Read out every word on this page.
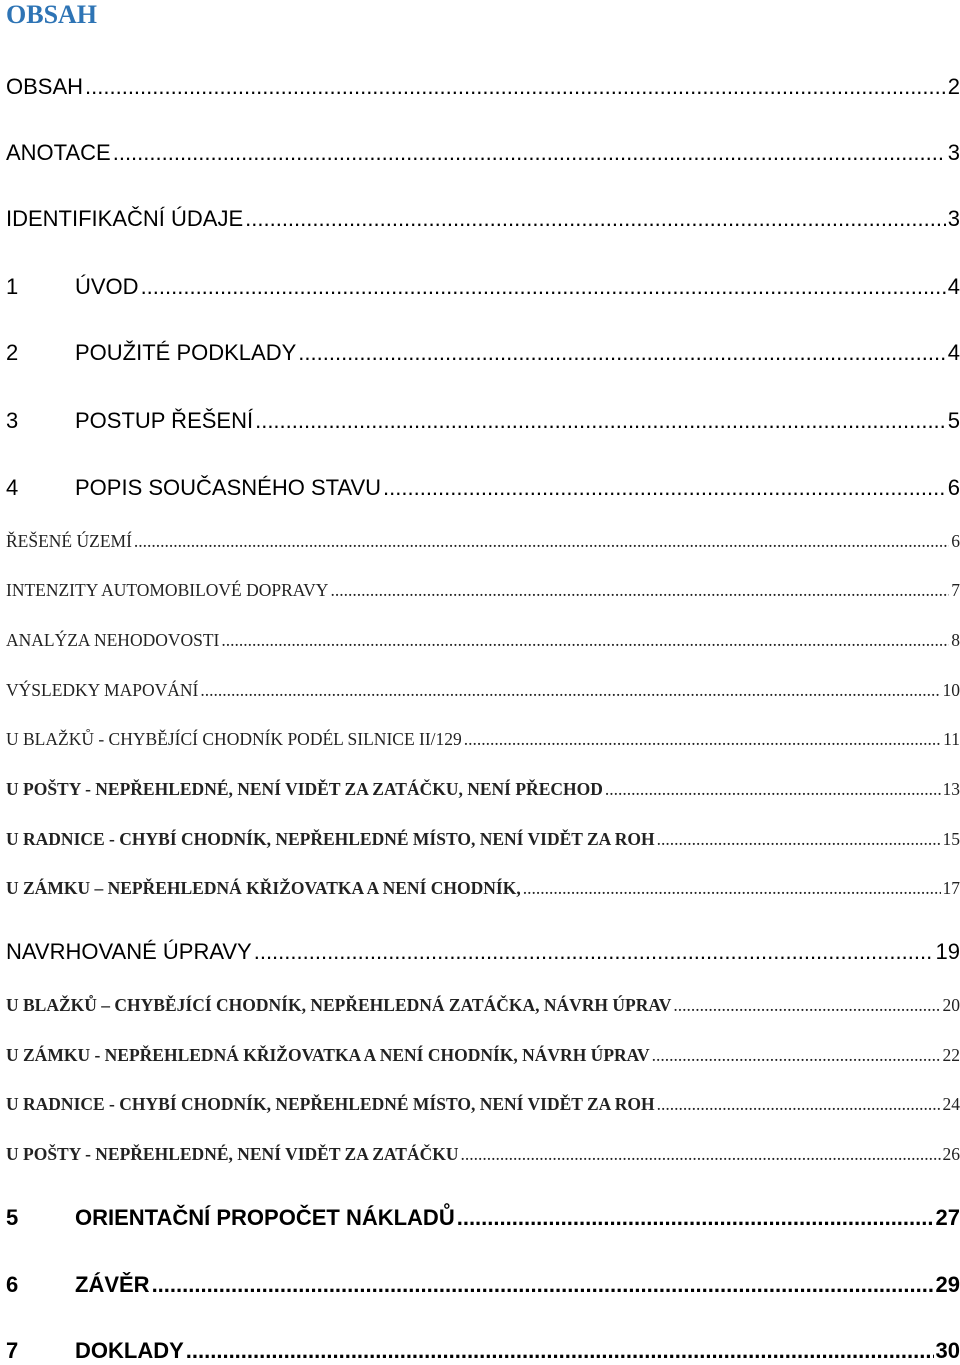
OBSAH
OBSAH .....	2
ANOTACE .....	3
IDENTIFIKAČNÍ ÚDAJE .....	3
1	ÚVOD .....	4
2	POUŽITÉ PODKLADY .....	4
3	POSTUP ŘEŠENÍ .....	5
4	POPIS SOUČASNÉHO STAVU .....	6
ŘEŠENÉ ÚZEMÍ .....	6
INTENZITY AUTOMOBILOVÉ DOPRAVY .....	7
ANALÝZA NEHODOVOSTI .....	8
VÝSLEDKY MAPOVÁNÍ .....	10
U BLAŽKŮ - CHYBĚJÍCÍ CHODNÍK PODÉL SILNICE II/129 .....	11
U POŠTY - NEPŘEHLEDNÉ, NENÍ VIDĚT ZA ZATÁČKU, NENÍ PŘECHOD .....	13
U RADNICE - CHYBÍ CHODNÍK, NEPŘEHLEDNÉ MÍSTO, NENÍ VIDĚT ZA ROH .....	15
U ZÁMKU – NEPŘEHLEDNÁ KŘIŽOVATKA A NENÍ CHODNÍK, .....	17
NAVRHOVANÉ ÚPRAVY .....	19
U BLAŽKŮ – CHYBĚJÍCÍ CHODNÍK, NEPŘEHLEDNÁ ZATÁČKA, NÁVRH ÚPRAV .....	20
U ZÁMKU - NEPŘEHLEDNÁ KŘIŽOVATKA A NENÍ CHODNÍK, NÁVRH ÚPRAV .....	22
U RADNICE - CHYBÍ CHODNÍK, NEPŘEHLEDNÉ MÍSTO, NENÍ VIDĚT ZA ROH .....	24
U POŠTY - NEPŘEHLEDNÉ, NENÍ VIDĚT ZA ZATÁČKU .....	26
5	ORIENTAČNÍ PROPOČET NÁKLADŮ .....	27
6	ZÁVĚR .....	29
7	DOKLADY .....	30
